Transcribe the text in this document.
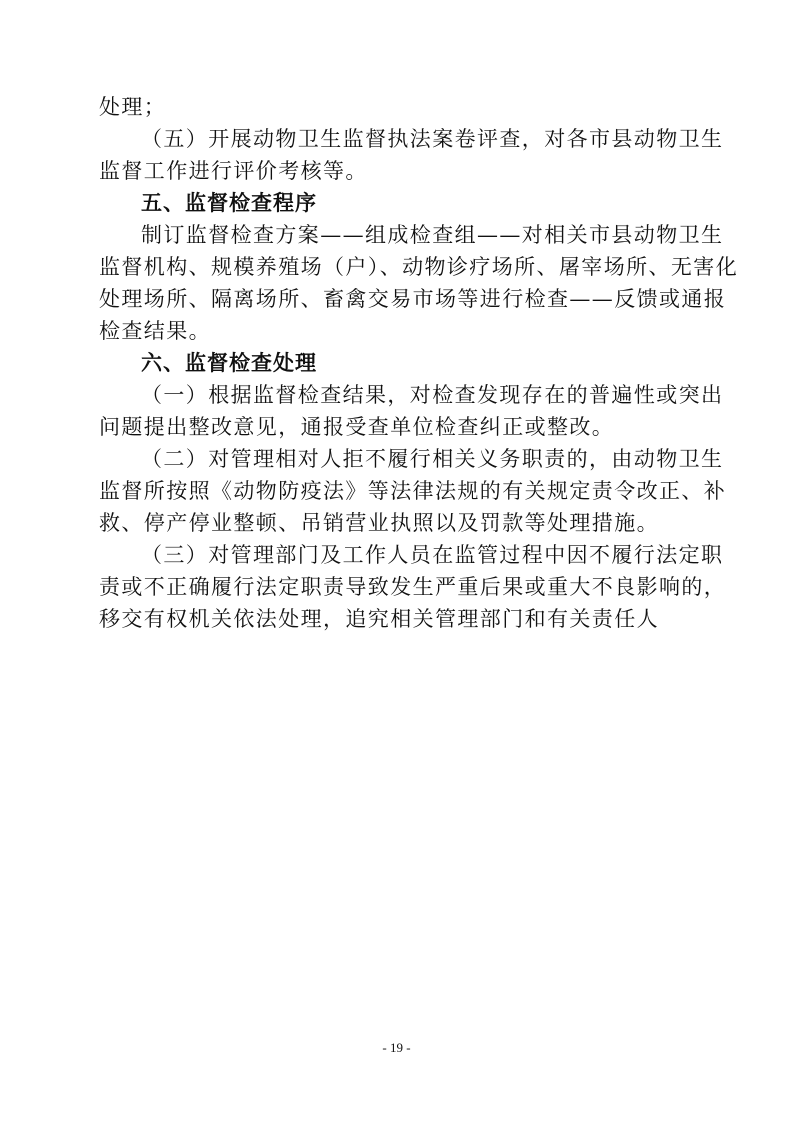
处理；
（五）开展动物卫生监督执法案卷评查，对各市县动物卫生
监督工作进行评价考核等。
五、监督检查程序
制订监督检查方案——组成检查组——对相关市县动物卫生
监督机构、规模养殖场（户）、动物诊疗场所、屠宰场所、无害化
处理场所、隔离场所、畜禽交易市场等进行检查——反馈或通报
检查结果。
六、监督检查处理
（一）根据监督检查结果，对检查发现存在的普遍性或突出
问题提出整改意见，通报受查单位检查纠正或整改。
（二）对管理相对人拒不履行相关义务职责的，由动物卫生
监督所按照《动物防疫法》等法律法规的有关规定责令改正、补
救、停产停业整顿、吊销营业执照以及罚款等处理措施。
（三）对管理部门及工作人员在监管过程中因不履行法定职
责或不正确履行法定职责导致发生严重后果或重大不良影响的，
移交有权机关依法处理，追究相关管理部门和有关责任人
- 19 -
